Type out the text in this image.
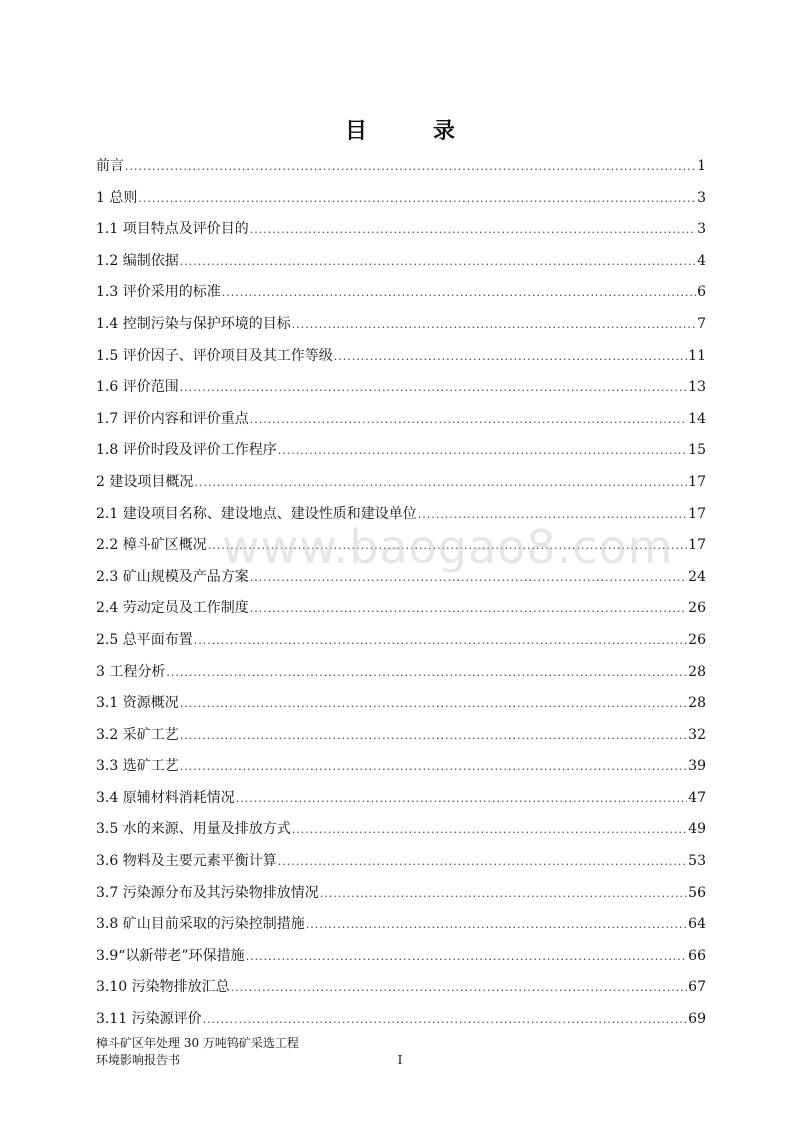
目　录
前言 .....	1
1 总则 .....	3
1.1 项目特点及评价目的 .....	3
1.2 编制依据 .....	4
1.3 评价采用的标准 .....	6
1.4 控制污染与保护环境的目标 .....	7
1.5 评价因子、评价项目及其工作等级 .....	11
1.6 评价范围 .....	13
1.7 评价内容和评价重点 .....	14
1.8 评价时段及评价工作程序 .....	15
2 建设项目概况 .....	17
2.1 建设项目名称、建设地点、建设性质和建设单位 .....	17
2.2 樟斗矿区概况 .....	17
2.3 矿山规模及产品方案 .....	24
2.4 劳动定员及工作制度 .....	26
2.5 总平面布置 .....	26
3 工程分析 .....	28
3.1 资源概况 .....	28
3.2 采矿工艺 .....	32
3.3 选矿工艺 .....	39
3.4 原辅材料消耗情况 .....	47
3.5 水的来源、用量及排放方式 .....	49
3.6 物料及主要元素平衡计算 .....	53
3.7 污染源分布及其污染物排放情况 .....	56
3.8 矿山目前采取的污染控制措施 .....	64
3.9“以新带老”环保措施 .....	66
3.10 污染物排放汇总 .....	67
3.11 污染源评价 .....	69
www.baogao8.com
樟斗矿区年处理 30 万吨钨矿采选工程
环境影响报告书	I
